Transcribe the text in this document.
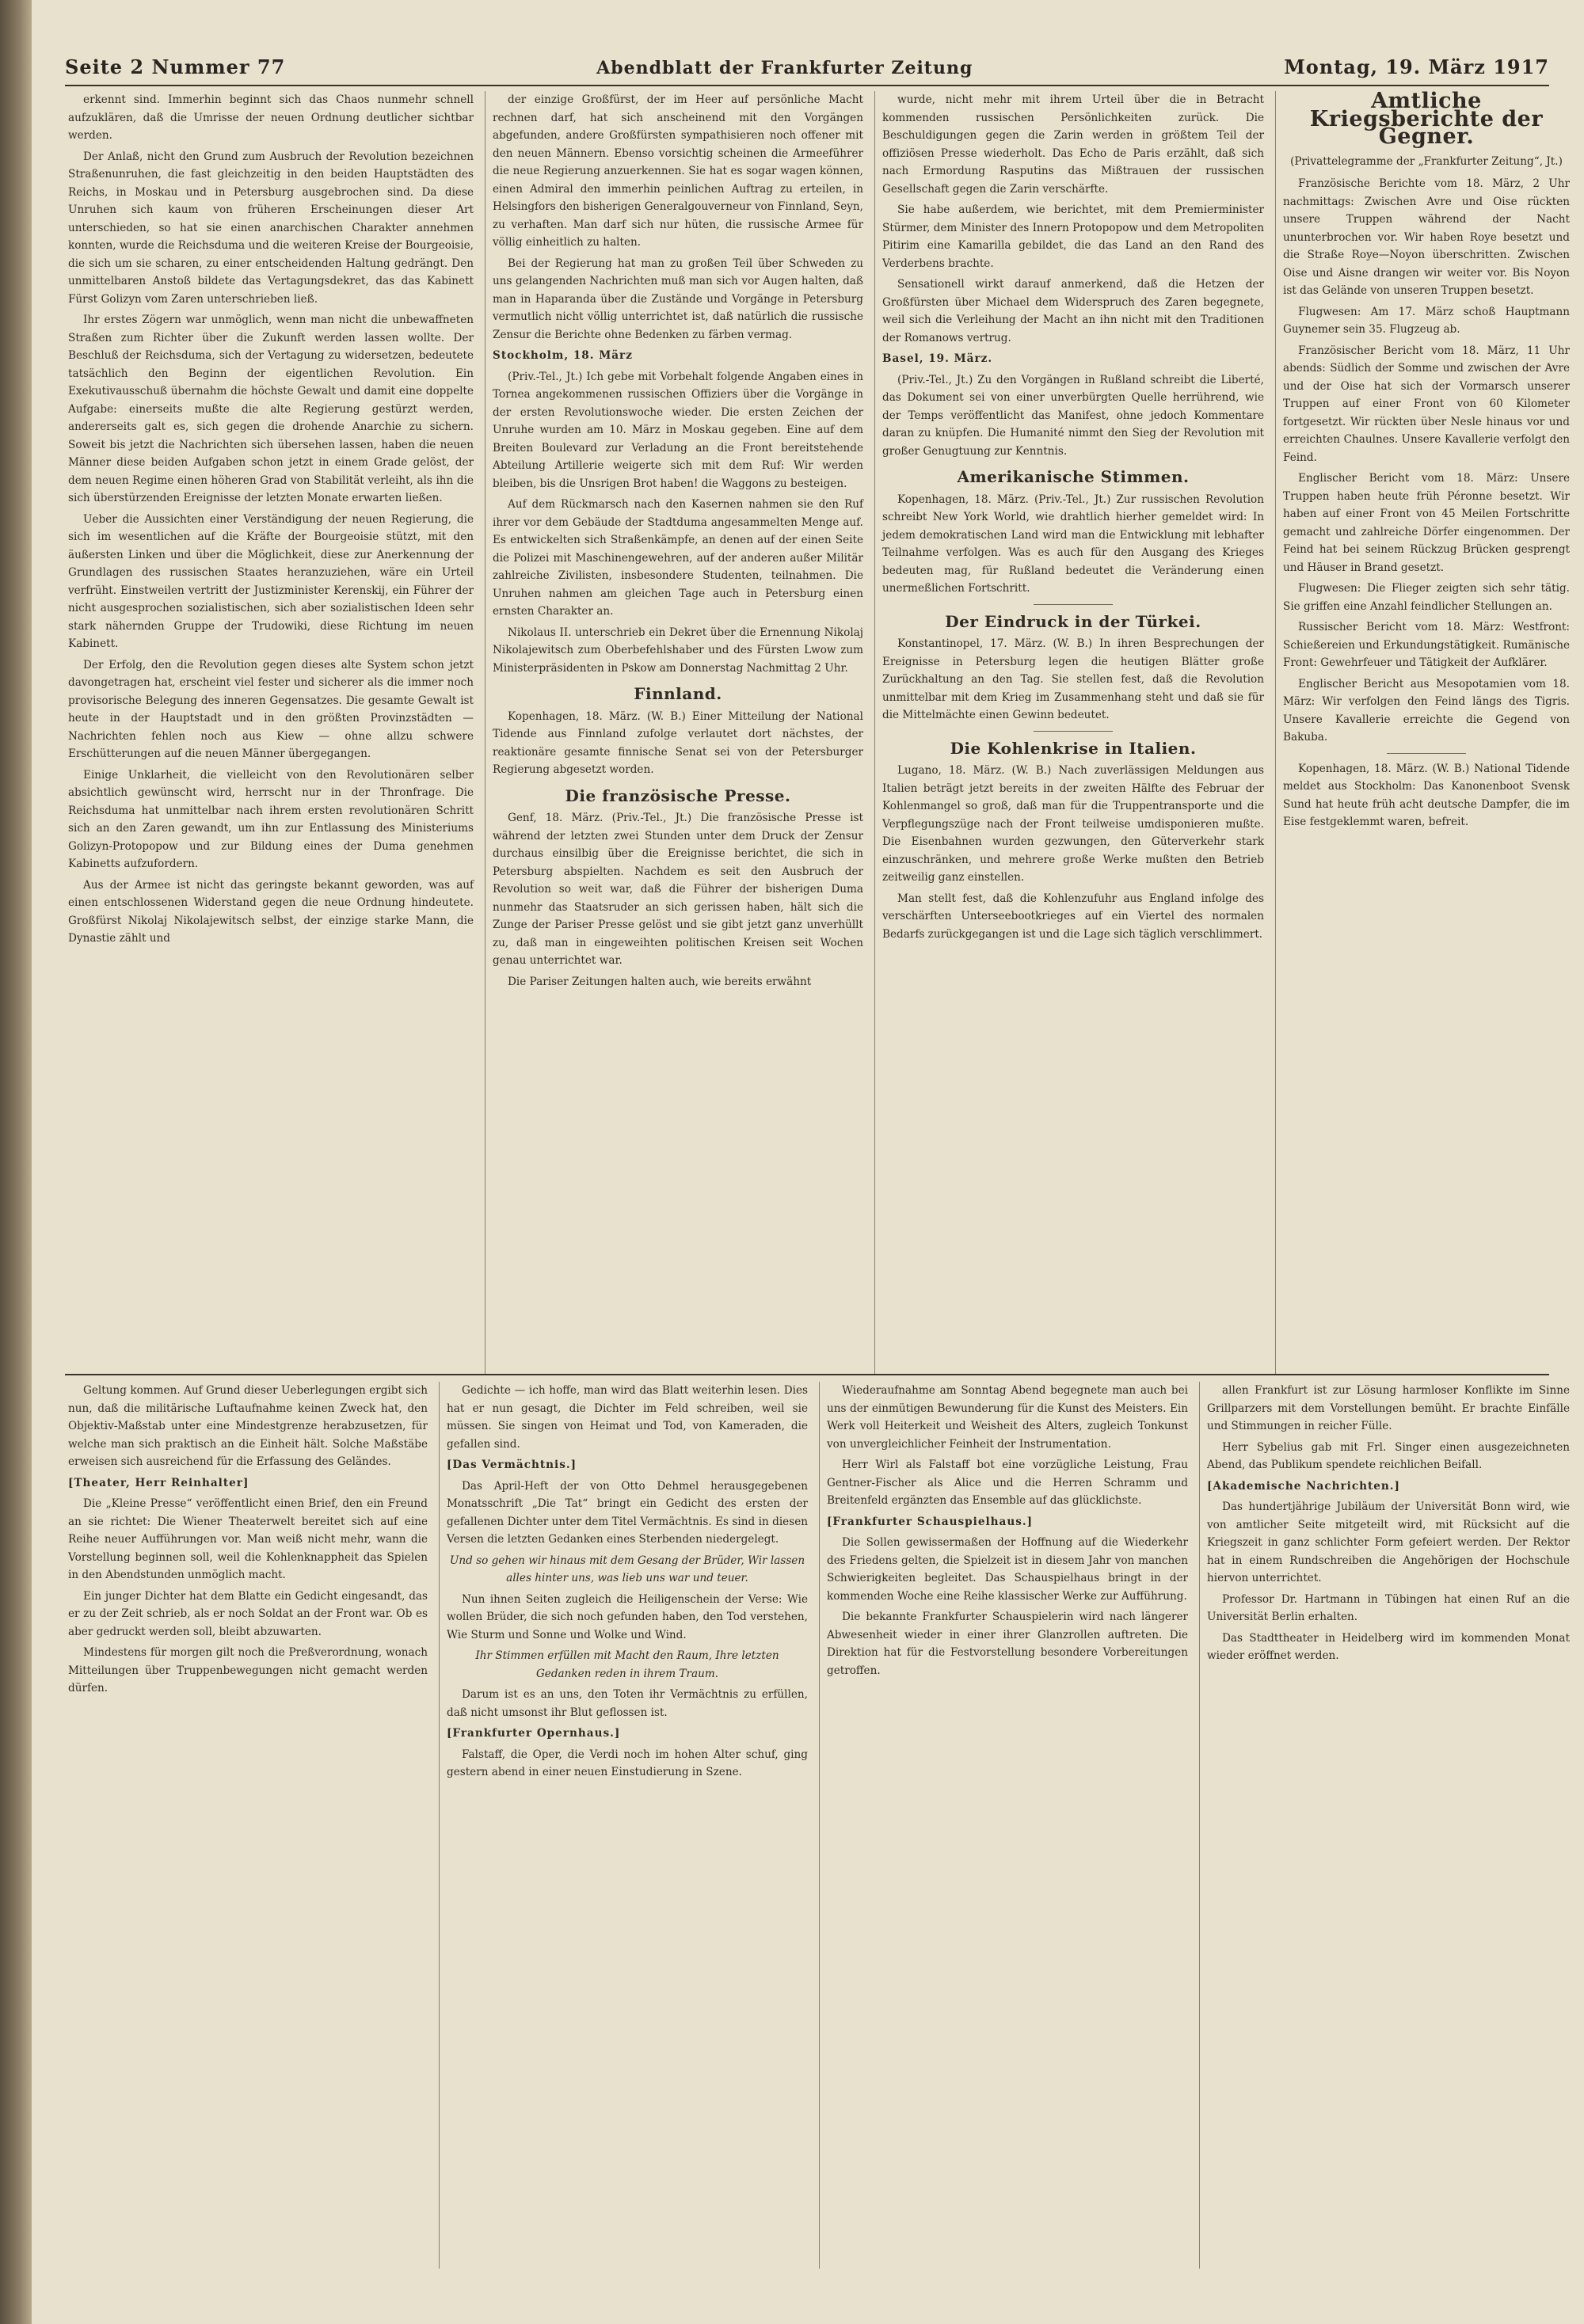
Seite 2 Nummer 77	Abendblatt der Frankfurter Zeitung	Montag, 19. März 1917

erkennt sind. Immerhin beginnt sich das Chaos nunmehr schnell aufzuklären, daß die Umrisse der neuen Ordnung deutlicher sichtbar werden.

Der Anlaß, nicht den Grund zum Ausbruch der Revolution bezeichnen Straßenunruhen, die fast gleichzeitig in den beiden Hauptstädten des Reichs, in Moskau und in Petersburg ausgebrochen sind. Da diese Unruhen sich kaum von früheren Erscheinungen dieser Art unterschieden, so hat sie einen anarchischen Charakter annehmen konnten, wurde die Reichsduma und die weiteren Kreise der Bourgeoisie, die sich um sie scharen, zu einer entscheidenden Haltung gedrängt. Den unmittelbaren Anstoß bildete das Vertagungsdekret, das das Kabinett Fürst Golizyn vom Zaren unterschrieben ließ.

Ihr erstes Zögern war unmöglich, wenn man nicht die unbewaffneten Straßen zum Richter über die Zukunft werden lassen wollte. Der Beschluß der Reichsduma, sich der Vertagung zu widersetzen, bedeutete tatsächlich den Beginn der eigentlichen Revolution. Ein Exekutivausschuß übernahm die höchste Gewalt und damit eine doppelte Aufgabe: einerseits mußte die alte Regierung gestürzt werden, andererseits galt es, sich gegen die drohende Anarchie zu sichern. Soweit bis jetzt die Nachrichten sich übersehen lassen, haben die neuen Männer diese beiden Aufgaben schon jetzt in einem Grade gelöst, der dem neuen Regime einen höheren Grad von Stabilität verleiht, als ihn die sich überstürzenden Ereignisse der letzten Monate erwarten ließen.

Ueber die Aussichten einer Verständigung der neuen Regierung, die sich im wesentlichen auf die Kräfte der Bourgeoisie stützt, mit den äußersten Linken und über die Möglichkeit, diese zur Anerkennung der Grundlagen des russischen Staates heranzuziehen, wäre ein Urteil verfrüht. Einstweilen vertritt der Justizminister Kerenskij, ein Führer der nicht ausgesprochen sozialistischen, sich aber sozialistischen Ideen sehr stark nähernden Gruppe der Trudowiki, diese Richtung im neuen Kabinett.

Der Erfolg, den die Revolution gegen dieses alte System schon jetzt davongetragen hat, erscheint viel fester und sicherer als die immer noch provisorische Belegung des inneren Gegensatzes. Die gesamte Gewalt ist heute in der Hauptstadt und in den größten Provinzstädten — Nachrichten fehlen noch aus Kiew — ohne allzu schwere Erschütterungen auf die neuen Männer übergegangen.

Einige Unklarheit, die vielleicht von den Revolutionären selber absichtlich gewünscht wird, herrscht nur in der Thronfrage. Die Reichsduma hat unmittelbar nach ihrem ersten revolutionären Schritt sich an den Zaren gewandt, um ihn zur Entlassung des Ministeriums Golizyn-Protopopow und zur Bildung eines der Duma genehmen Kabinetts aufzufordern.

Aus der Armee ist nicht das geringste bekannt geworden, was auf einen entschlossenen Widerstand gegen die neue Ordnung hindeutete. Großfürst Nikolaj Nikolajewitsch selbst, der einzige starke Mann, die Dynastie zählt und

der einzige Großfürst, der im Heer auf persönliche Macht rechnen darf, hat sich anscheinend mit den Vorgängen abgefunden, andere Großfürsten sympathisieren noch offener mit den neuen Männern. Ebenso vorsichtig scheinen die Armeeführer die neue Regierung anzuerkennen. Sie hat es sogar wagen können, einen Admiral den immerhin peinlichen Auftrag zu erteilen, in Helsingfors den bisherigen Generalgouverneur von Finnland, Seyn, zu verhaften. Man darf sich nur hüten, die russische Armee für völlig einheitlich zu halten.

Bei der Regierung hat man zu großen Teil über Schweden zu uns gelangenden Nachrichten muß man sich vor Augen halten, daß man in Haparanda über die Zustände und Vorgänge in Petersburg vermutlich nicht völlig unterrichtet ist, daß natürlich die russische Zensur die Berichte ohne Bedenken zu färben vermag.

Stockholm, 18. März

(Priv.-Tel., Jt.) Ich gebe mit Vorbehalt folgende Angaben eines in Tornea angekommenen russischen Offiziers über die Vorgänge in der ersten Revolutionswoche wieder. Die ersten Zeichen der Unruhe wurden am 10. März in Moskau gegeben. Eine auf dem Breiten Boulevard zur Verladung an die Front bereitstehende Abteilung Artillerie weigerte sich mit dem Ruf: Wir werden bleiben, bis die Unsrigen Brot haben! die Waggons zu besteigen.

Auf dem Rückmarsch nach den Kasernen nahmen sie den Ruf ihrer vor dem Gebäude der Stadtduma angesammelten Menge auf. Es entwickelten sich Straßenkämpfe, an denen auf der einen Seite die Polizei mit Maschinengewehren, auf der anderen außer Militär zahlreiche Zivilisten, insbesondere Studenten, teilnahmen. Die Unruhen nahmen am gleichen Tage auch in Petersburg einen ernsten Charakter an.

Nikolaus II. unterschrieb ein Dekret über die Ernennung Nikolaj Nikolajewitsch zum Oberbefehlshaber und des Fürsten Lwow zum Ministerpräsidenten in Pskow am Donnerstag Nachmittag 2 Uhr.

Finnland.

Kopenhagen, 18. März. (W. B.) Einer Mitteilung der National Tidende aus Finnland zufolge verlautet dort nächstes, der reaktionäre gesamte finnische Senat sei von der Petersburger Regierung abgesetzt worden.

Die französische Presse.

Genf, 18. März. (Priv.-Tel., Jt.) Die französische Presse ist während der letzten zwei Stunden unter dem Druck der Zensur durchaus einsilbig über die Ereignisse berichtet, die sich in Petersburg abspielten. Nachdem es seit den Ausbruch der Revolution so weit war, daß die Führer der bisherigen Duma nunmehr das Staatsruder an sich gerissen haben, hält sich die Zunge der Pariser Presse gelöst und sie gibt jetzt ganz unverhüllt zu, daß man in eingeweihten politischen Kreisen seit Wochen genau unterrichtet war.

Die Pariser Zeitungen halten auch, wie bereits erwähnt

wurde, nicht mehr mit ihrem Urteil über die in Betracht kommenden russischen Persönlichkeiten zurück. Die Beschuldigungen gegen die Zarin werden in größtem Teil der offiziösen Presse wiederholt. Das Echo de Paris erzählt, daß sich nach Ermordung Rasputins das Mißtrauen der russischen Gesellschaft gegen die Zarin verschärfte.

Sie habe außerdem, wie berichtet, mit dem Premierminister Stürmer, dem Minister des Innern Protopopow und dem Metropoliten Pitirim eine Kamarilla gebildet, die das Land an den Rand des Verderbens brachte.

Sensationell wirkt darauf anmerkend, daß die Hetzen der Großfürsten über Michael dem Widerspruch des Zaren begegnete, weil sich die Verleihung der Macht an ihn nicht mit den Traditionen der Romanows vertrug.

Basel, 19. März.

(Priv.-Tel., Jt.) Zu den Vorgängen in Rußland schreibt die Liberté, das Dokument sei von einer unverbürgten Quelle herrührend, wie der Temps veröffentlicht das Manifest, ohne jedoch Kommentare daran zu knüpfen. Die Humanité nimmt den Sieg der Revolution mit großer Genugtuung zur Kenntnis.

Amerikanische Stimmen.

Kopenhagen, 18. März. (Priv.-Tel., Jt.) Zur russischen Revolution schreibt New York World, wie drahtlich hierher gemeldet wird: In jedem demokratischen Land wird man die Entwicklung mit lebhafter Teilnahme verfolgen. Was es auch für den Ausgang des Krieges bedeuten mag, für Rußland bedeutet die Veränderung einen unermeßlichen Fortschritt.

Der Eindruck in der Türkei.

Konstantinopel, 17. März. (W. B.) In ihren Besprechungen der Ereignisse in Petersburg legen die heutigen Blätter große Zurückhaltung an den Tag. Sie stellen fest, daß die Revolution unmittelbar mit dem Krieg im Zusammenhang steht und daß sie für die Mittelmächte einen Gewinn bedeutet.

Die Kohlenkrise in Italien.

Lugano, 18. März. (W. B.) Nach zuverlässigen Meldungen aus Italien beträgt jetzt bereits in der zweiten Hälfte des Februar der Kohlenmangel so groß, daß man für die Truppentransporte und die Verpflegungszüge nach der Front teilweise umdisponieren mußte. Die Eisenbahnen wurden gezwungen, den Güterverkehr stark einzuschränken, und mehrere große Werke mußten den Betrieb zeitweilig ganz einstellen.

Man stellt fest, daß die Kohlenzufuhr aus England infolge des verschärften Unterseebootkrieges auf ein Viertel des normalen Bedarfs zurückgegangen ist und die Lage sich täglich verschlimmert.

Amtliche Kriegsberichte der Gegner.
(Privattelegramme der „Frankfurter Zeitung“, Jt.)

Französische Berichte vom 18. März, 2 Uhr nachmittags: Zwischen Avre und Oise rückten unsere Truppen während der Nacht ununterbrochen vor. Wir haben Roye besetzt und die Straße Roye—Noyon überschritten. Zwischen Oise und Aisne drangen wir weiter vor. Bis Noyon ist das Gelände von unseren Truppen besetzt.

Flugwesen: Am 17. März schoß Hauptmann Guynemer sein 35. Flugzeug ab.

Französischer Bericht vom 18. März, 11 Uhr abends: Südlich der Somme und zwischen der Avre und der Oise hat sich der Vormarsch unserer Truppen auf einer Front von 60 Kilometer fortgesetzt. Wir rückten über Nesle hinaus vor und erreichten Chaulnes. Unsere Kavallerie verfolgt den Feind.

Englischer Bericht vom 18. März: Unsere Truppen haben heute früh Péronne besetzt. Wir haben auf einer Front von 45 Meilen Fortschritte gemacht und zahlreiche Dörfer eingenommen. Der Feind hat bei seinem Rückzug Brücken gesprengt und Häuser in Brand gesetzt.

Flugwesen: Die Flieger zeigten sich sehr tätig. Sie griffen eine Anzahl feindlicher Stellungen an.

Russischer Bericht vom 18. März: Westfront: Schießereien und Erkundungstätigkeit. Rumänische Front: Gewehrfeuer und Tätigkeit der Aufklärer.

Englischer Bericht aus Mesopotamien vom 18. März: Wir verfolgen den Feind längs des Tigris. Unsere Kavallerie erreichte die Gegend von Bakuba.

Kopenhagen, 18. März. (W. B.) National Tidende meldet aus Stockholm: Das Kanonenboot Svensk Sund hat heute früh acht deutsche Dampfer, die im Eise festgeklemmt waren, befreit.

Geltung kommen. Auf Grund dieser Ueberlegungen ergibt sich nun, daß die militärische Luftaufnahme keinen Zweck hat, den Objektiv-Maßstab unter eine Mindestgrenze herabzusetzen, für welche man sich praktisch an die Einheit hält. Solche Maßstäbe erweisen sich ausreichend für die Erfassung des Geländes.

[Theater, Herr Reinhalter]

Die „Kleine Presse“ veröffentlicht einen Brief, den ein Freund an sie richtet: Die Wiener Theaterwelt bereitet sich auf eine Reihe neuer Aufführungen vor. Man weiß nicht mehr, wann die Vorstellung beginnen soll, weil die Kohlenknappheit das Spielen in den Abendstunden unmöglich macht.

Ein junger Dichter hat dem Blatte ein Gedicht eingesandt, das er zu der Zeit schrieb, als er noch Soldat an der Front war. Ob es aber gedruckt werden soll, bleibt abzuwarten.

Mindestens für morgen gilt noch die Preßverordnung, wonach Mitteilungen über Truppenbewegungen nicht gemacht werden dürfen.

Gedichte — ich hoffe, man wird das Blatt weiterhin lesen. Dies hat er nun gesagt, die Dichter im Feld schreiben, weil sie müssen. Sie singen von Heimat und Tod, von Kameraden, die gefallen sind.

[Das Vermächtnis.]

Das April-Heft der von Otto Dehmel herausgegebenen Monatsschrift „Die Tat“ bringt ein Gedicht des ersten der gefallenen Dichter unter dem Titel Vermächtnis. Es sind in diesen Versen die letzten Gedanken eines Sterbenden niedergelegt.

Und so gehen wir hinaus mit dem Gesang der Brüder, Wir lassen alles hinter uns, was lieb uns war und teuer.

Nun ihnen Seiten zugleich die Heiligenschein der Verse: Wie wollen Brüder, die sich noch gefunden haben, den Tod verstehen, Wie Sturm und Sonne und Wolke und Wind.

Ihr Stimmen erfüllen mit Macht den Raum, Ihre letzten Gedanken reden in ihrem Traum.

Darum ist es an uns, den Toten ihr Vermächtnis zu erfüllen, daß nicht umsonst ihr Blut geflossen ist.

[Frankfurter Opernhaus.]

Falstaff, die Oper, die Verdi noch im hohen Alter schuf, ging gestern abend in einer neuen Einstudierung in Szene.

Wiederaufnahme am Sonntag Abend begegnete man auch bei uns der einmütigen Bewunderung für die Kunst des Meisters. Ein Werk voll Heiterkeit und Weisheit des Alters, zugleich Tonkunst von unvergleichlicher Feinheit der Instrumentation.

Herr Wirl als Falstaff bot eine vorzügliche Leistung, Frau Gentner-Fischer als Alice und die Herren Schramm und Breitenfeld ergänzten das Ensemble auf das glücklichste.

[Frankfurter Schauspielhaus.]

Die Sollen gewissermaßen der Hoffnung auf die Wiederkehr des Friedens gelten, die Spielzeit ist in diesem Jahr von manchen Schwierigkeiten begleitet. Das Schauspielhaus bringt in der kommenden Woche eine Reihe klassischer Werke zur Aufführung.

Die bekannte Frankfurter Schauspielerin wird nach längerer Abwesenheit wieder in einer ihrer Glanzrollen auftreten. Die Direktion hat für die Festvorstellung besondere Vorbereitungen getroffen.

allen Frankfurt ist zur Lösung harmloser Konflikte im Sinne Grillparzers mit dem Vorstellungen bemüht. Er brachte Einfälle und Stimmungen in reicher Fülle.

Herr Sybelius gab mit Frl. Singer einen ausgezeichneten Abend, das Publikum spendete reichlichen Beifall.

[Akademische Nachrichten.]

Das hundertjährige Jubiläum der Universität Bonn wird, wie von amtlicher Seite mitgeteilt wird, mit Rücksicht auf die Kriegszeit in ganz schlichter Form gefeiert werden. Der Rektor hat in einem Rundschreiben die Angehörigen der Hochschule hiervon unterrichtet.

Professor Dr. Hartmann in Tübingen hat einen Ruf an die Universität Berlin erhalten.

Das Stadttheater in Heidelberg wird im kommenden Monat wieder eröffnet werden.
